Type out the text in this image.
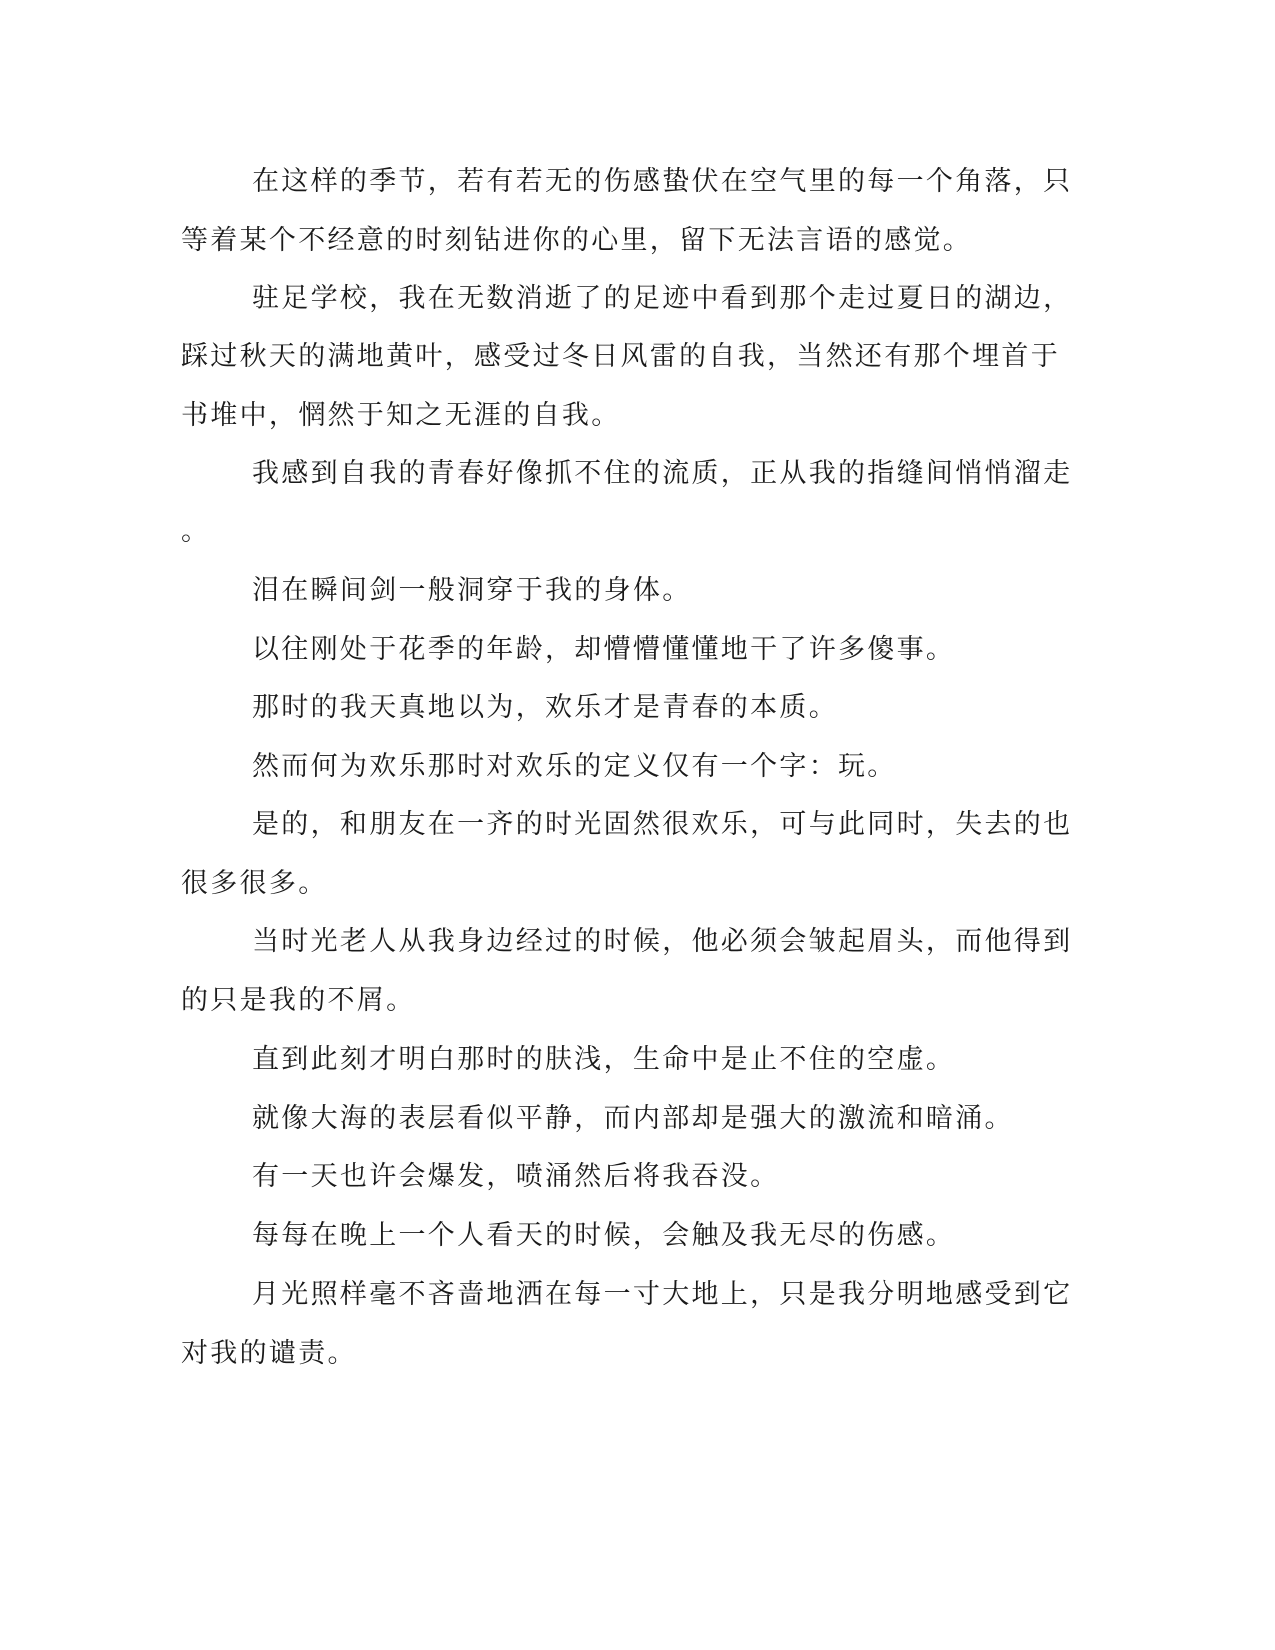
在这样的季节，若有若无的伤感蛰伏在空气里的每一个角落，只
等着某个不经意的时刻钻进你的心里，留下无法言语的感觉。
驻足学校，我在无数消逝了的足迹中看到那个走过夏日的湖边，
踩过秋天的满地黄叶，感受过冬日风雷的自我，当然还有那个埋首于
书堆中，惘然于知之无涯的自我。
我感到自我的青春好像抓不住的流质，正从我的指缝间悄悄溜走
。
泪在瞬间剑一般洞穿于我的身体。
以往刚处于花季的年龄，却懵懵懂懂地干了许多傻事。
那时的我天真地以为，欢乐才是青春的本质。
然而何为欢乐那时对欢乐的定义仅有一个字：玩。
是的，和朋友在一齐的时光固然很欢乐，可与此同时，失去的也
很多很多。
当时光老人从我身边经过的时候，他必须会皱起眉头，而他得到
的只是我的不屑。
直到此刻才明白那时的肤浅，生命中是止不住的空虚。
就像大海的表层看似平静，而内部却是强大的激流和暗涌。
有一天也许会爆发，喷涌然后将我吞没。
每每在晚上一个人看天的时候，会触及我无尽的伤感。
月光照样毫不吝啬地洒在每一寸大地上，只是我分明地感受到它
对我的谴责。
